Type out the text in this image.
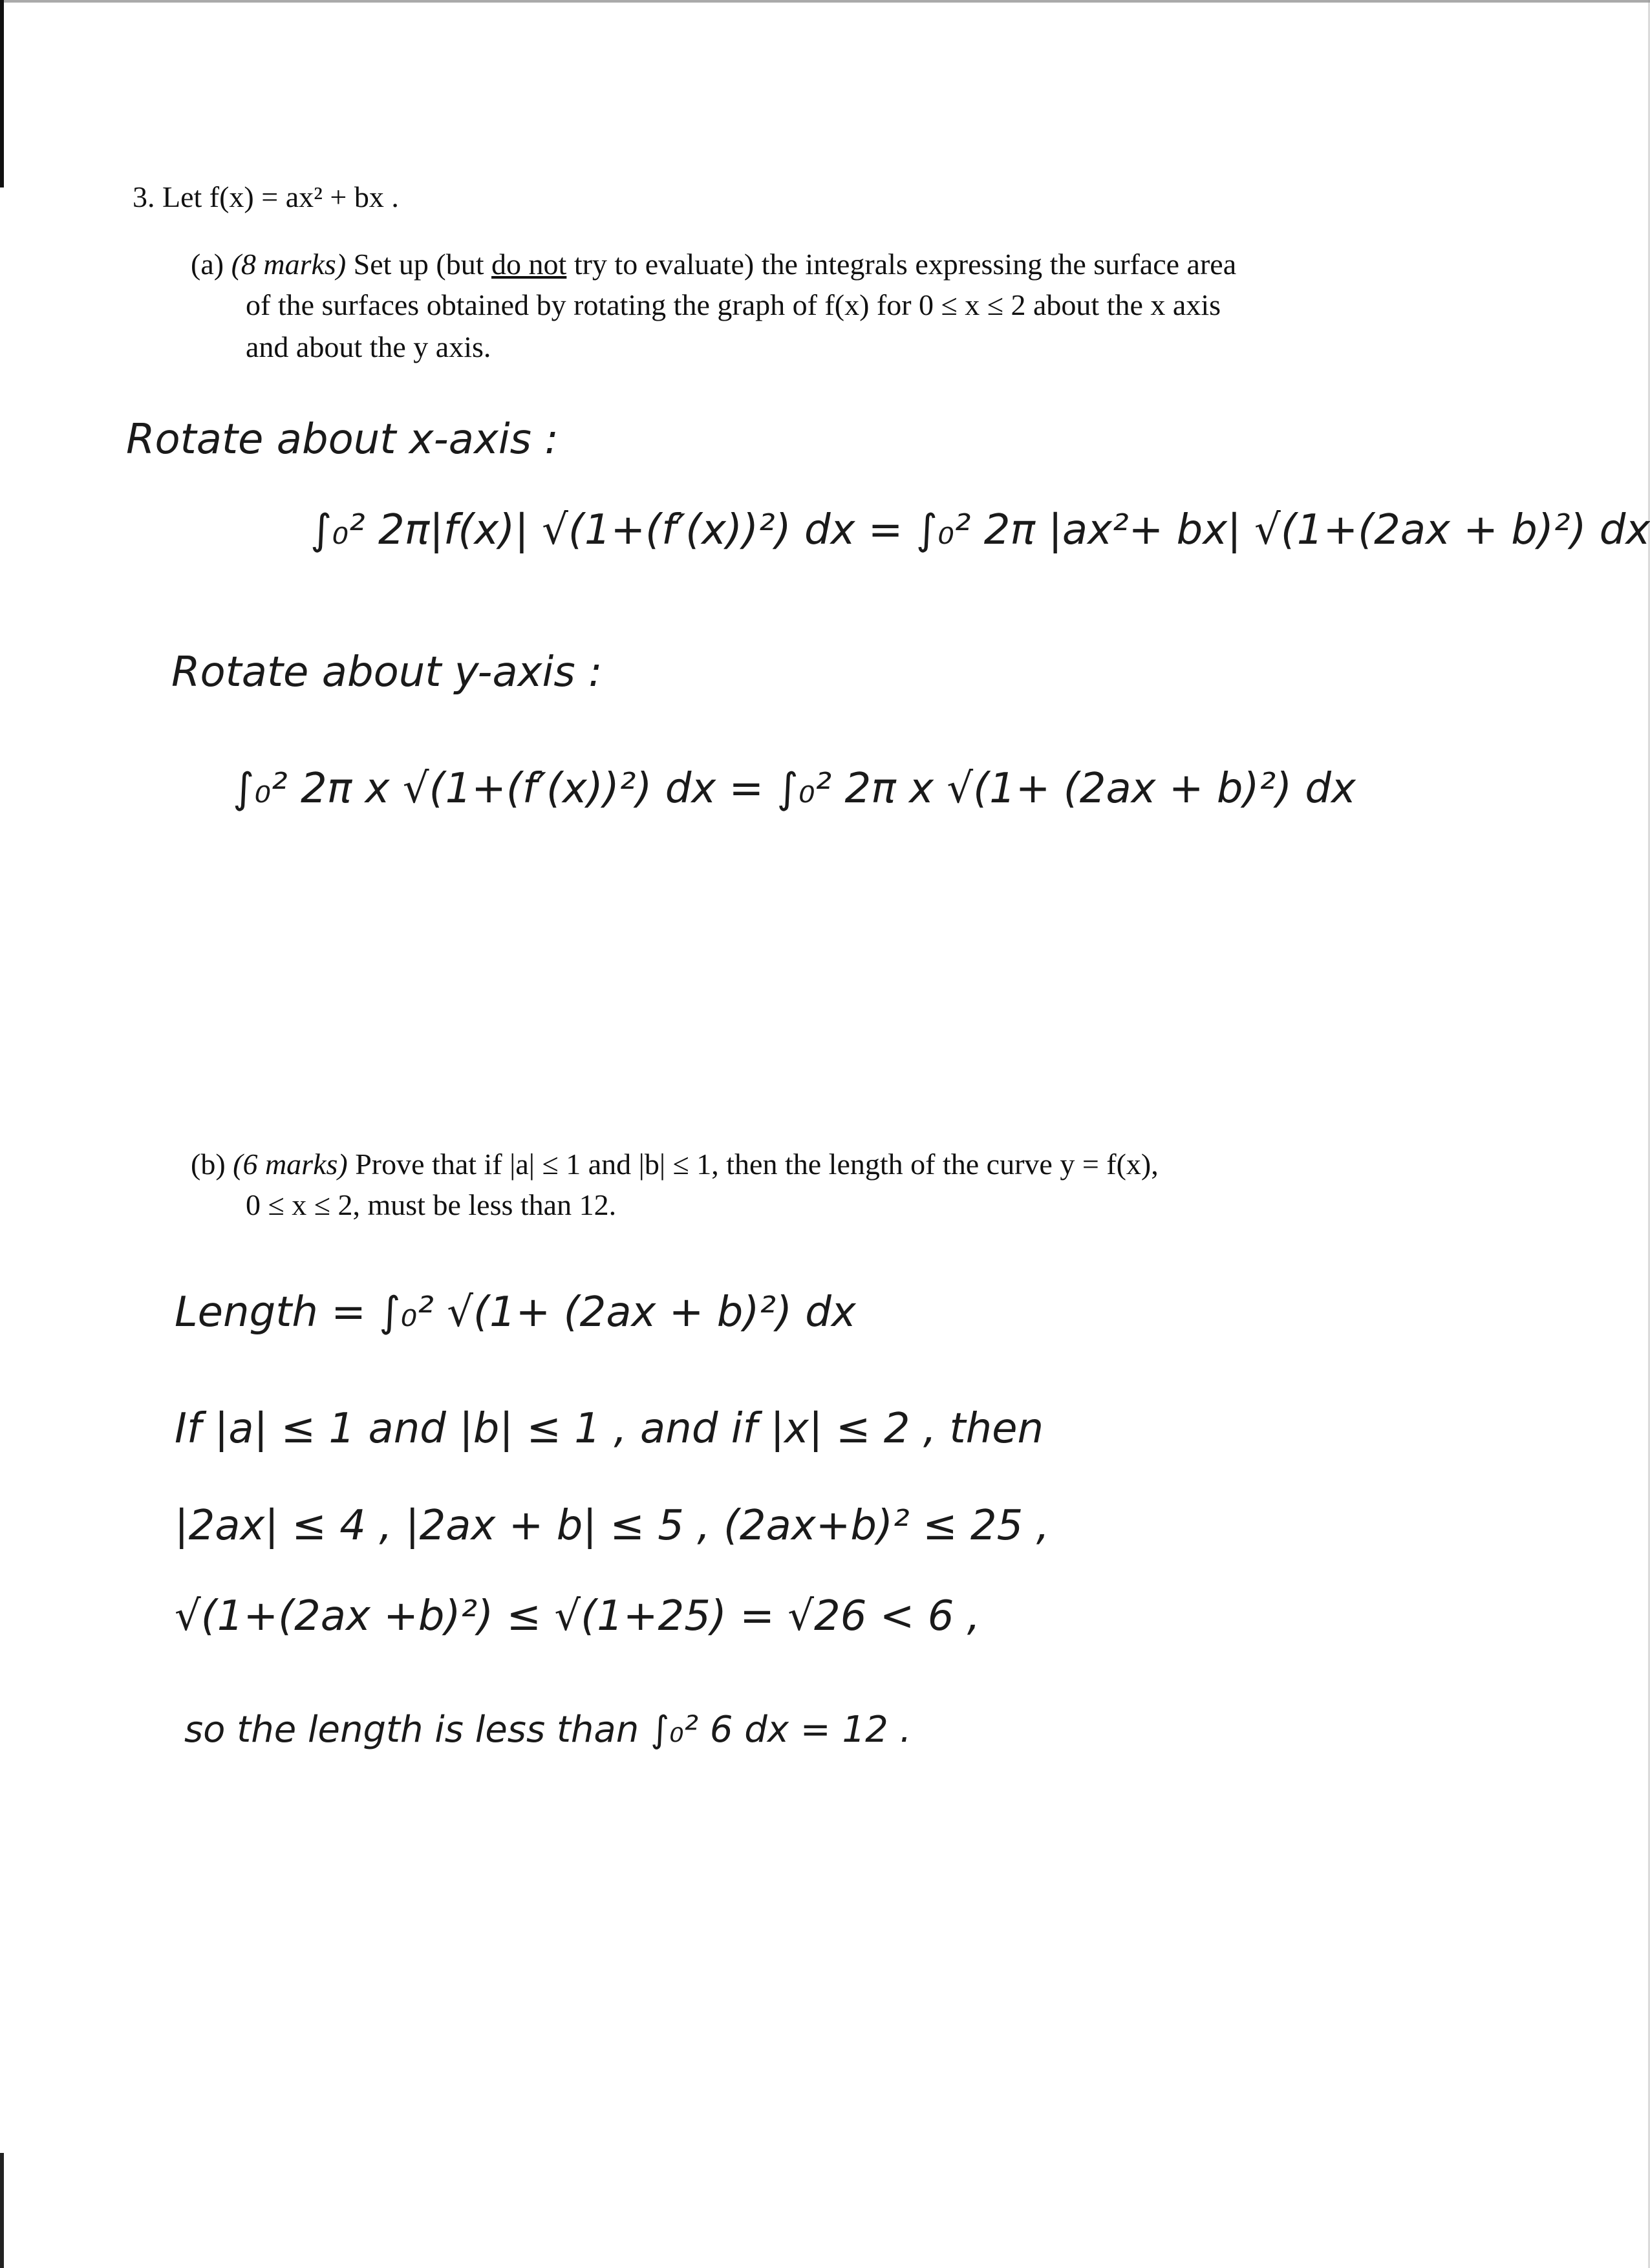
3. Let f(x) = ax² + bx .
(a) (8 marks) Set up (but do not try to evaluate) the integrals expressing the surface area
of the surfaces obtained by rotating the graph of f(x) for 0 ≤ x ≤ 2 about the x axis
and about the y axis.
Rotate about x-axis :
∫₀² 2π|f(x)| √(1+(f′(x))²) dx = ∫₀² 2π |ax²+ bx| √(1+(2ax + b)²) dx
Rotate about y-axis :
∫₀² 2π x √(1+(f′(x))²) dx = ∫₀² 2π x √(1+ (2ax + b)²) dx
(b) (6 marks) Prove that if |a| ≤ 1 and |b| ≤ 1, then the length of the curve y = f(x),
0 ≤ x ≤ 2, must be less than 12.
Length = ∫₀² √(1+ (2ax + b)²) dx
If |a| ≤ 1 and |b| ≤ 1 , and if |x| ≤ 2 , then
|2ax| ≤ 4 , |2ax + b| ≤ 5 , (2ax+b)² ≤ 25 ,
√(1+(2ax +b)²) ≤ √(1+25) = √26 < 6 ,
so the length is less than ∫₀² 6 dx = 12 .
